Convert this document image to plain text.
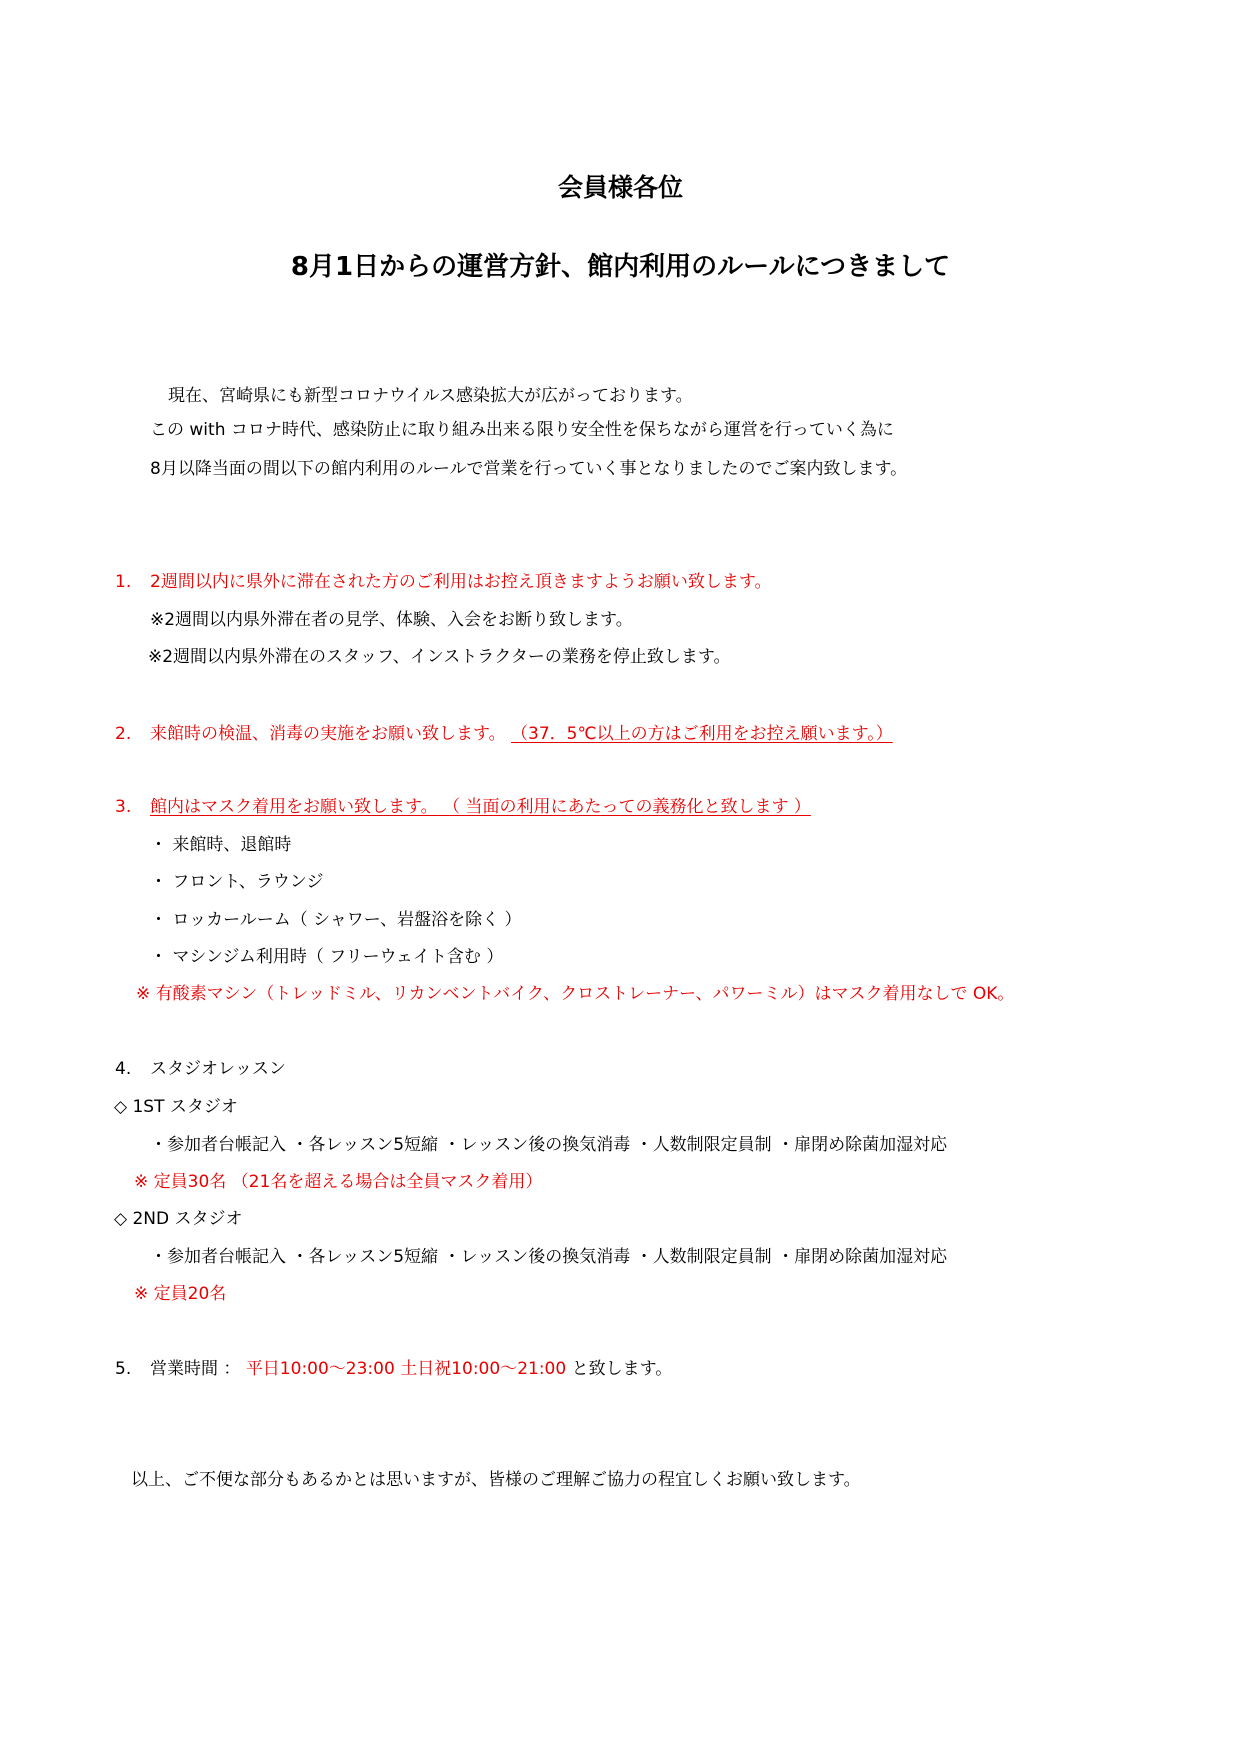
会員様各位
8月1日からの運営方針、館内利用のルールにつきまして
現在、宮崎県にも新型コロナウイルス感染拡大が広がっております。
この with コロナ時代、感染防止に取り組み出来る限り安全性を保ちながら運営を行っていく為に
8月以降当面の間以下の館内利用のルールで営業を行っていく事となりましたのでご案内致します。
1. 2週間以内に県外に滞在された方のご利用はお控え頂きますようお願い致します。
※2週間以内県外滞在者の見学、体験、入会をお断り致します。
※2週間以内県外滞在のスタッフ、インストラクターの業務を停止致します。
2. 来館時の検温、消毒の実施をお願い致します。 （37．5℃以上の方はご利用をお控え願います。）
3. 館内はマスク着用をお願い致します。 （ 当面の利用にあたっての義務化と致します ）
・ 来館時、退館時
・ フロント、ラウンジ
・ ロッカールーム（ シャワー、岩盤浴を除く ）
・ マシンジム利用時（ フリーウェイト含む ）
※ 有酸素マシン（トレッドミル、リカンベントバイク、クロストレーナー、パワーミル）はマスク着用なしで OK。
4. スタジオレッスン
◇ 1ST スタジオ
・参加者台帳記入 ・各レッスン5短縮 ・レッスン後の換気消毒 ・人数制限定員制 ・扉閉め除菌加湿対応
※ 定員30名 （21名を超える場合は全員マスク着用）
◇ 2ND スタジオ
・参加者台帳記入 ・各レッスン5短縮 ・レッスン後の換気消毒 ・人数制限定員制 ・扉閉め除菌加湿対応
※ 定員20名
5. 営業時間 ： 平日10:00～23:00 土日祝10:00～21:00 と致します。
以上、ご不便な部分もあるかとは思いますが、皆様のご理解ご協力の程宜しくお願い致します。
